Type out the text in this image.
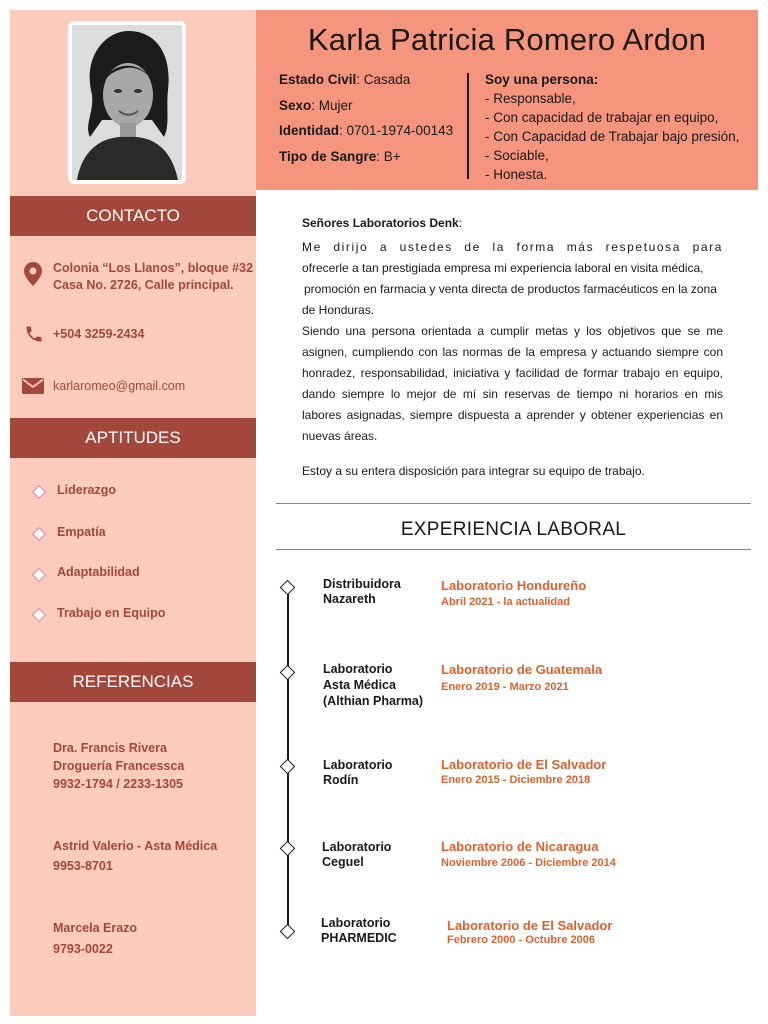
CONTACTO
Colonia “Los Llanos”, bloque #32
Casa No. 2726, Calle principal.
+504 3259-2434
karlaromeo@gmail.com
APTITUDES
Liderazgo
Empatía
Adaptabilidad
Trabajo en Equipo
REFERENCIAS
Dra. Francis Rivera
Droguería Francessca
9932-1794 / 2233-1305
Astrid Valerio - Asta Médica
9953-8701
Marcela Erazo
9793-0022
Karla Patricia Romero Ardon
Estado Civil: Casada
Sexo: Mujer
Identidad: 0701-1974-00143
Tipo de Sangre: B+
Soy una persona:
- Responsable,
- Con capacidad de trabajar en equipo,
- Con Capacidad de Trabajar bajo presión,
- Sociable,
- Honesta.

Señores Laboratorios Denk:

Me dirijo a ustedes de la forma más respetuosa para

ofrecerle a tan prestigiada empresa mi experiencia laboral en visita médica,

promoción en farmacia y venta directa de productos farmacéuticos en la zona

de Honduras.

Siendo una persona orientada a cumplir metas y los objetivos que se me asignen, cumpliendo con las normas de la empresa y actuando siempre con honradez, responsabilidad, iniciativa y facilidad de formar trabajo en equipo, dando siempre lo mejor de mí sin reservas de tiempo ni horarios en mis labores asignadas, siempre dispuesta a aprender y obtener experiencias en nuevas áreas.

Estoy a su entera disposición para integrar su equipo de trabajo.

EXPERIENCIA LABORAL
Distribuidora
Nazareth
Laboratorio Hondureño
Abril 2021 - la actualidad
Laboratorio
Asta Médica
(Althian Pharma)
Laboratorio de Guatemala
Enero 2019 - Marzo 2021
Laboratorio
Rodín
Laboratorio de El Salvador
Enero 2015 - Diciembre 2018
Laboratorio
Ceguel
Laboratorio de Nicaragua
Noviembre 2006 - Diciembre 2014
Laboratorio
PHARMEDIC
Laboratorio de El Salvador
Febrero 2000 - Octubre 2006
